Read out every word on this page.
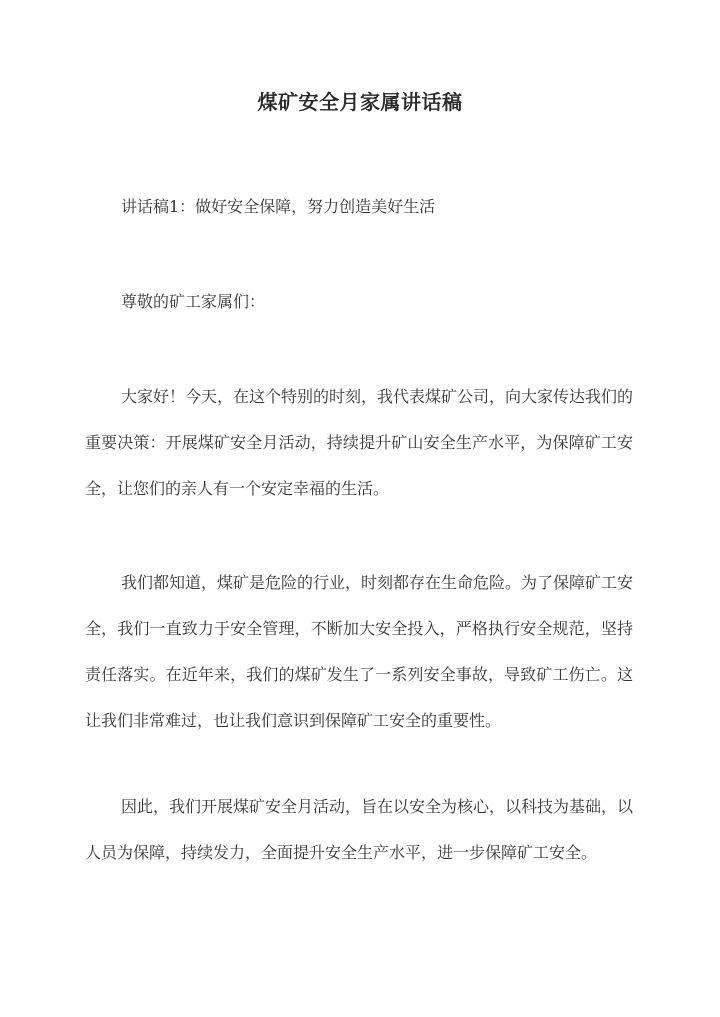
煤矿安全月家属讲话稿

讲话稿1：做好安全保障，努力创造美好生活

尊敬的矿工家属们：

大家好！今天，在这个特别的时刻，我代表煤矿公司，向大家传达我们的重要决策：开展煤矿安全月活动，持续提升矿山安全生产水平，为保障矿工安全，让您们的亲人有一个安定幸福的生活。

我们都知道，煤矿是危险的行业，时刻都存在生命危险。为了保障矿工安全，我们一直致力于安全管理，不断加大安全投入，严格执行安全规范，坚持责任落实。在近年来，我们的煤矿发生了一系列安全事故，导致矿工伤亡。这让我们非常难过，也让我们意识到保障矿工安全的重要性。

因此，我们开展煤矿安全月活动，旨在以安全为核心，以科技为基础，以人员为保障，持续发力，全面提升安全生产水平，进一步保障矿工安全。
